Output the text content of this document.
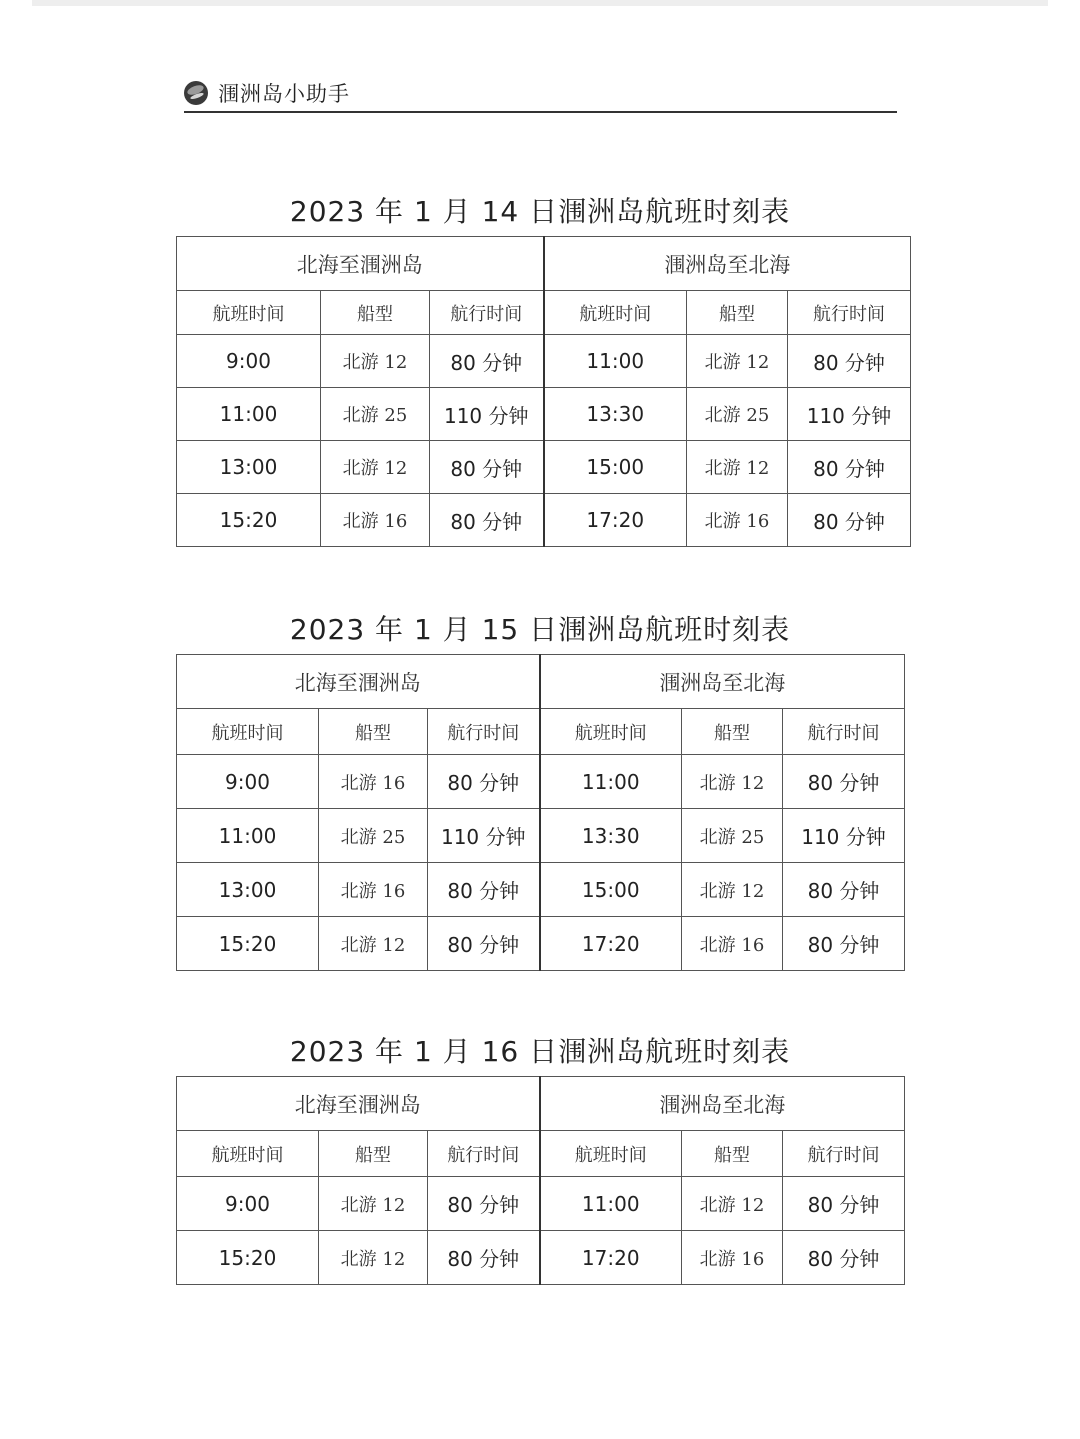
涠洲岛小助手
2023 年 1 月 14 日涠洲岛航班时刻表
北海至涠洲岛			涠洲岛至北海		
航班时间	船型	航行时间	航班时间	船型	航行时间
9:00	北游 12	80 分钟	11:00	北游 12	80 分钟
11:00	北游 25	110 分钟	13:30	北游 25	110 分钟
13:00	北游 12	80 分钟	15:00	北游 12	80 分钟
15:20	北游 16	80 分钟	17:20	北游 16	80 分钟
2023 年 1 月 15 日涠洲岛航班时刻表
北海至涠洲岛			涠洲岛至北海		
航班时间	船型	航行时间	航班时间	船型	航行时间
9:00	北游 16	80 分钟	11:00	北游 12	80 分钟
11:00	北游 25	110 分钟	13:30	北游 25	110 分钟
13:00	北游 16	80 分钟	15:00	北游 12	80 分钟
15:20	北游 12	80 分钟	17:20	北游 16	80 分钟
2023 年 1 月 16 日涠洲岛航班时刻表
北海至涠洲岛			涠洲岛至北海		
航班时间	船型	航行时间	航班时间	船型	航行时间
9:00	北游 12	80 分钟	11:00	北游 12	80 分钟
15:20	北游 12	80 分钟	17:20	北游 16	80 分钟
